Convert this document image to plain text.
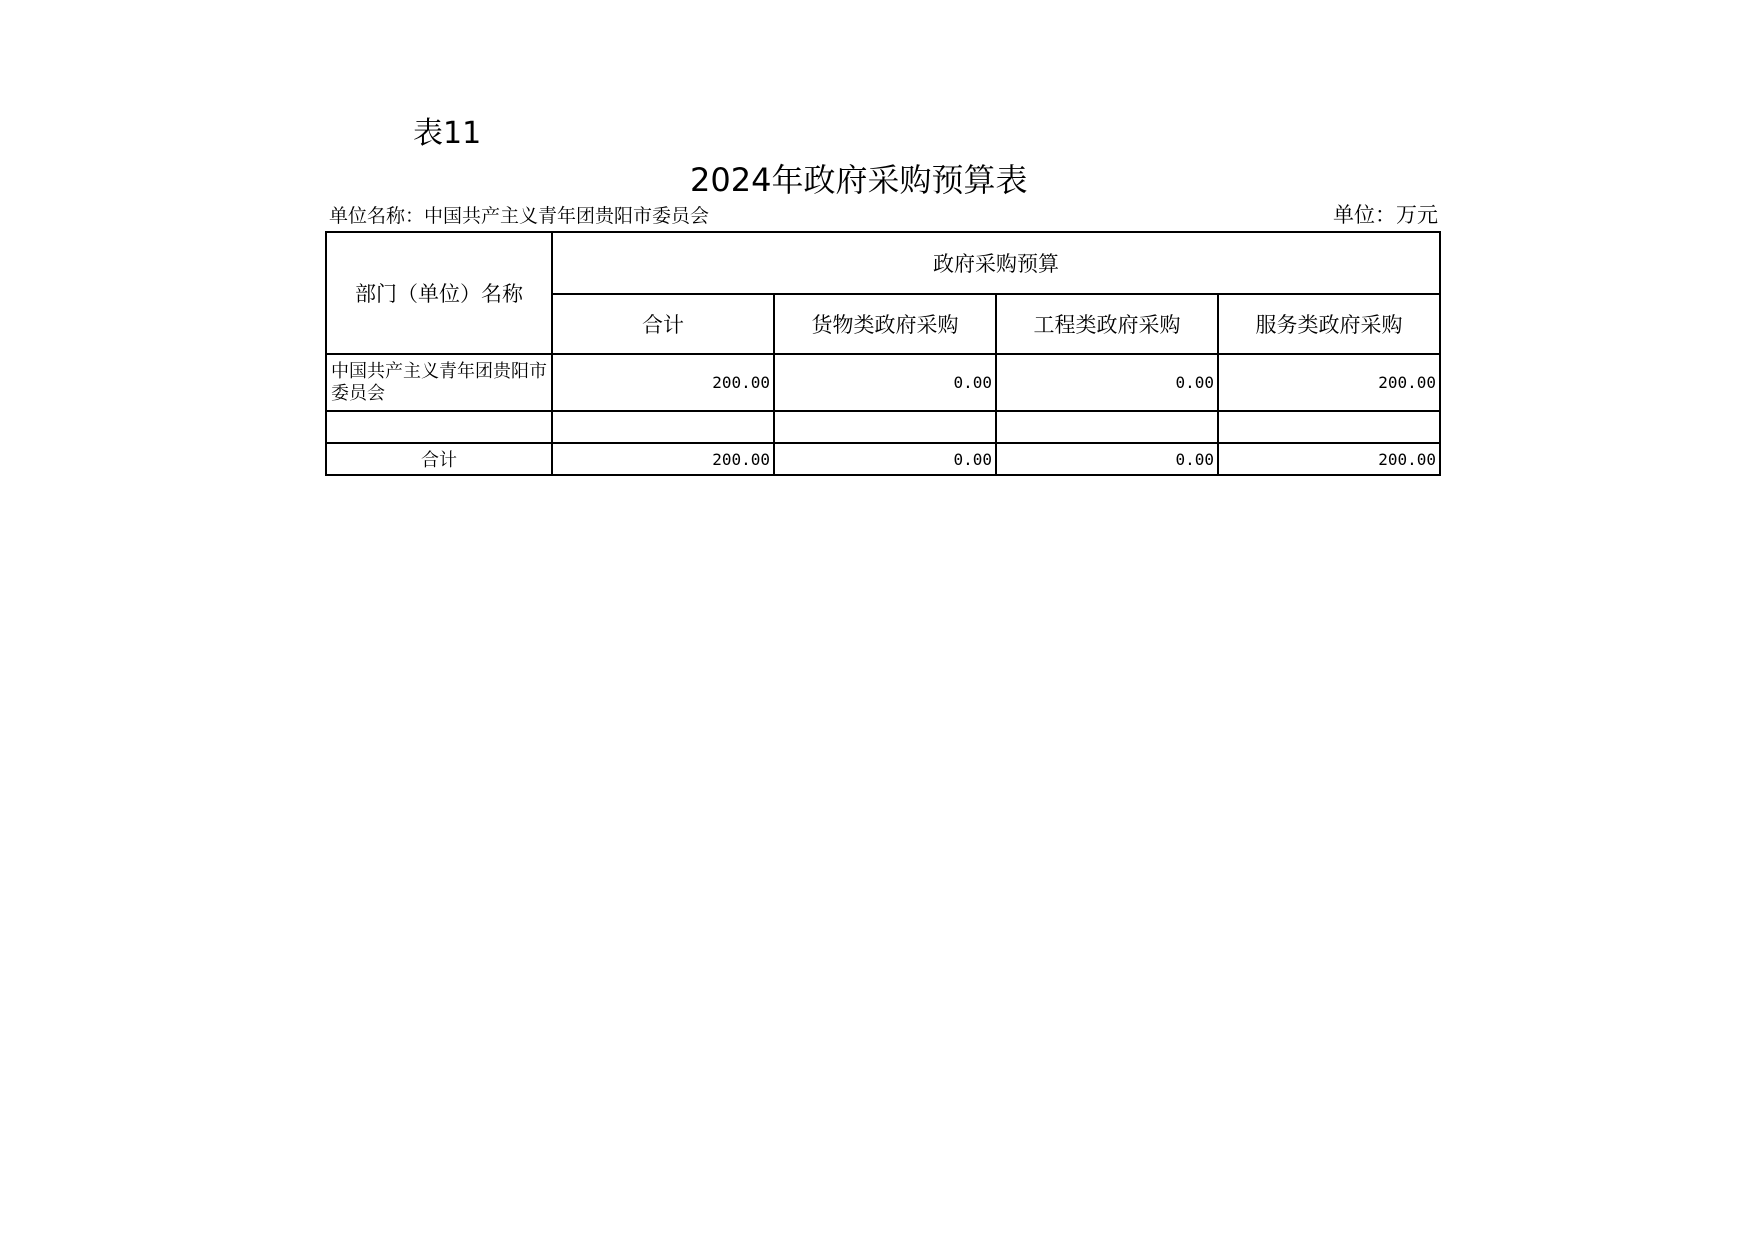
表11
2024年政府采购预算表
单位名称：中国共产主义青年团贵阳市委员会	单位：万元
部门（单位）名称	政府采购预算			
	合计	货物类政府采购	工程类政府采购	服务类政府采购
中国共产主义青年团贵阳市委员会	200.00	0.00	0.00	200.00

合计	200.00	0.00	0.00	200.00
